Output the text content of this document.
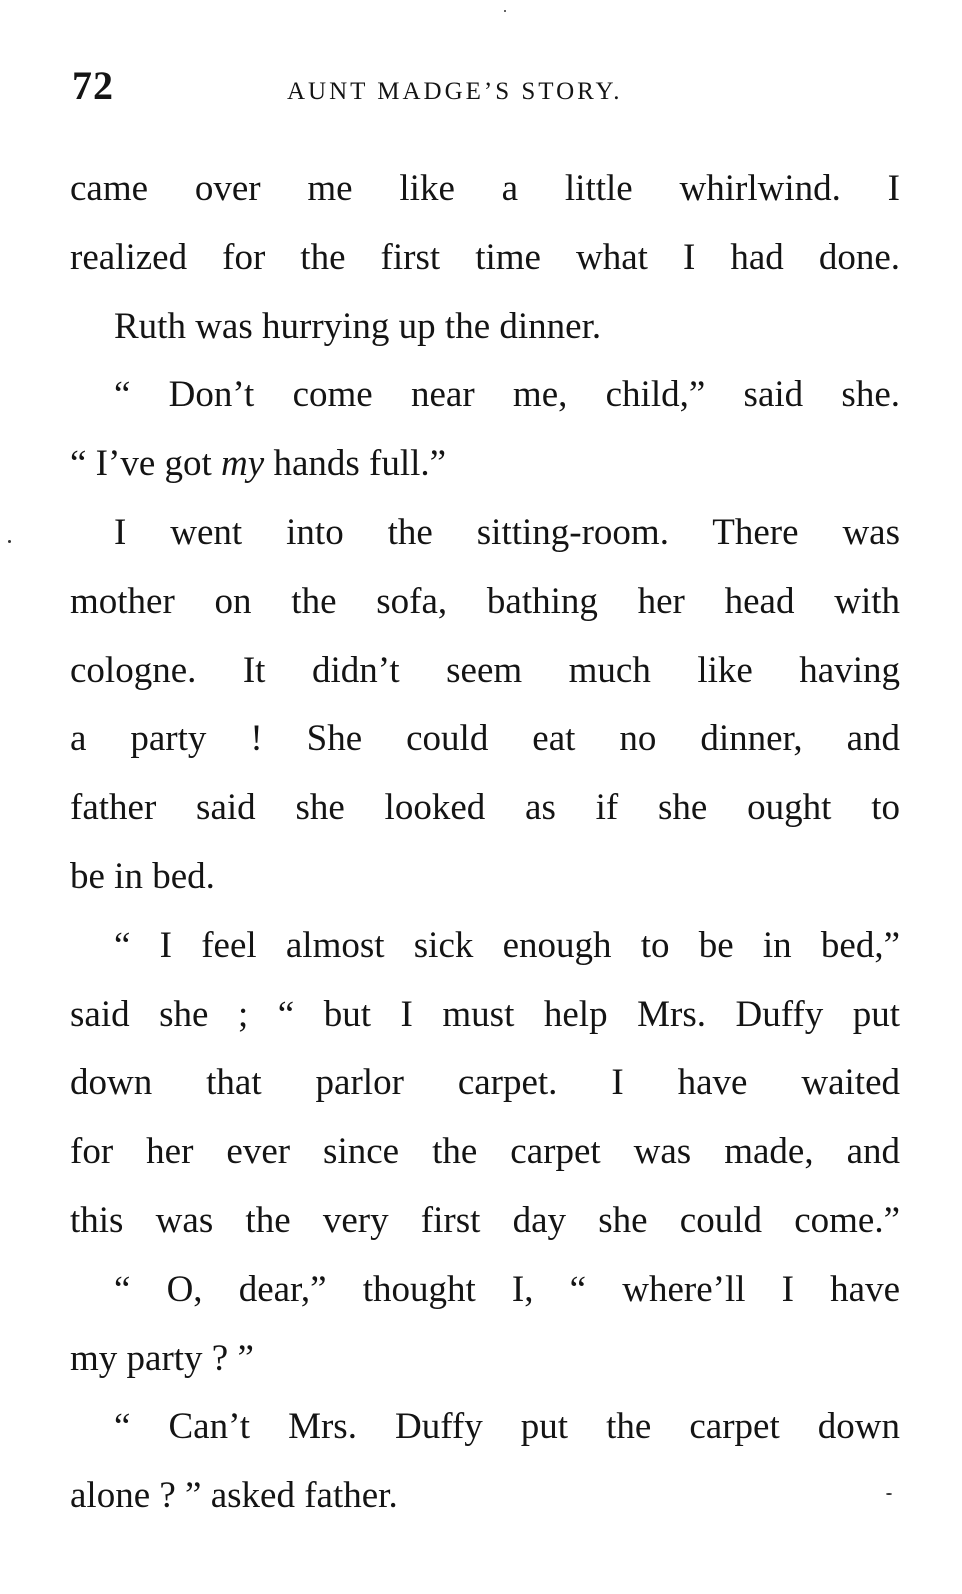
72	AUNT MADGE’S STORY.
came over me like a little whirlwind. I
realized for the first time what I had done.
Ruth was hurrying up the dinner.
“ Don’t come near me, child,” said she.
“ I’ve got my hands full.”
I went into the sitting-room. There was
mother on the sofa, bathing her head with
cologne. It didn’t seem much like having
a party ! She could eat no dinner, and
father said she looked as if she ought to
be in bed.
“ I feel almost sick enough to be in bed,”
said she ; “ but I must help Mrs. Duffy put
down that parlor carpet. I have waited
for her ever since the carpet was made, and
this was the very first day she could come.”
“ O, dear,” thought I, “ where’ll I have
my party ? ”
“ Can’t Mrs. Duffy put the carpet down
alone ? ” asked father.
